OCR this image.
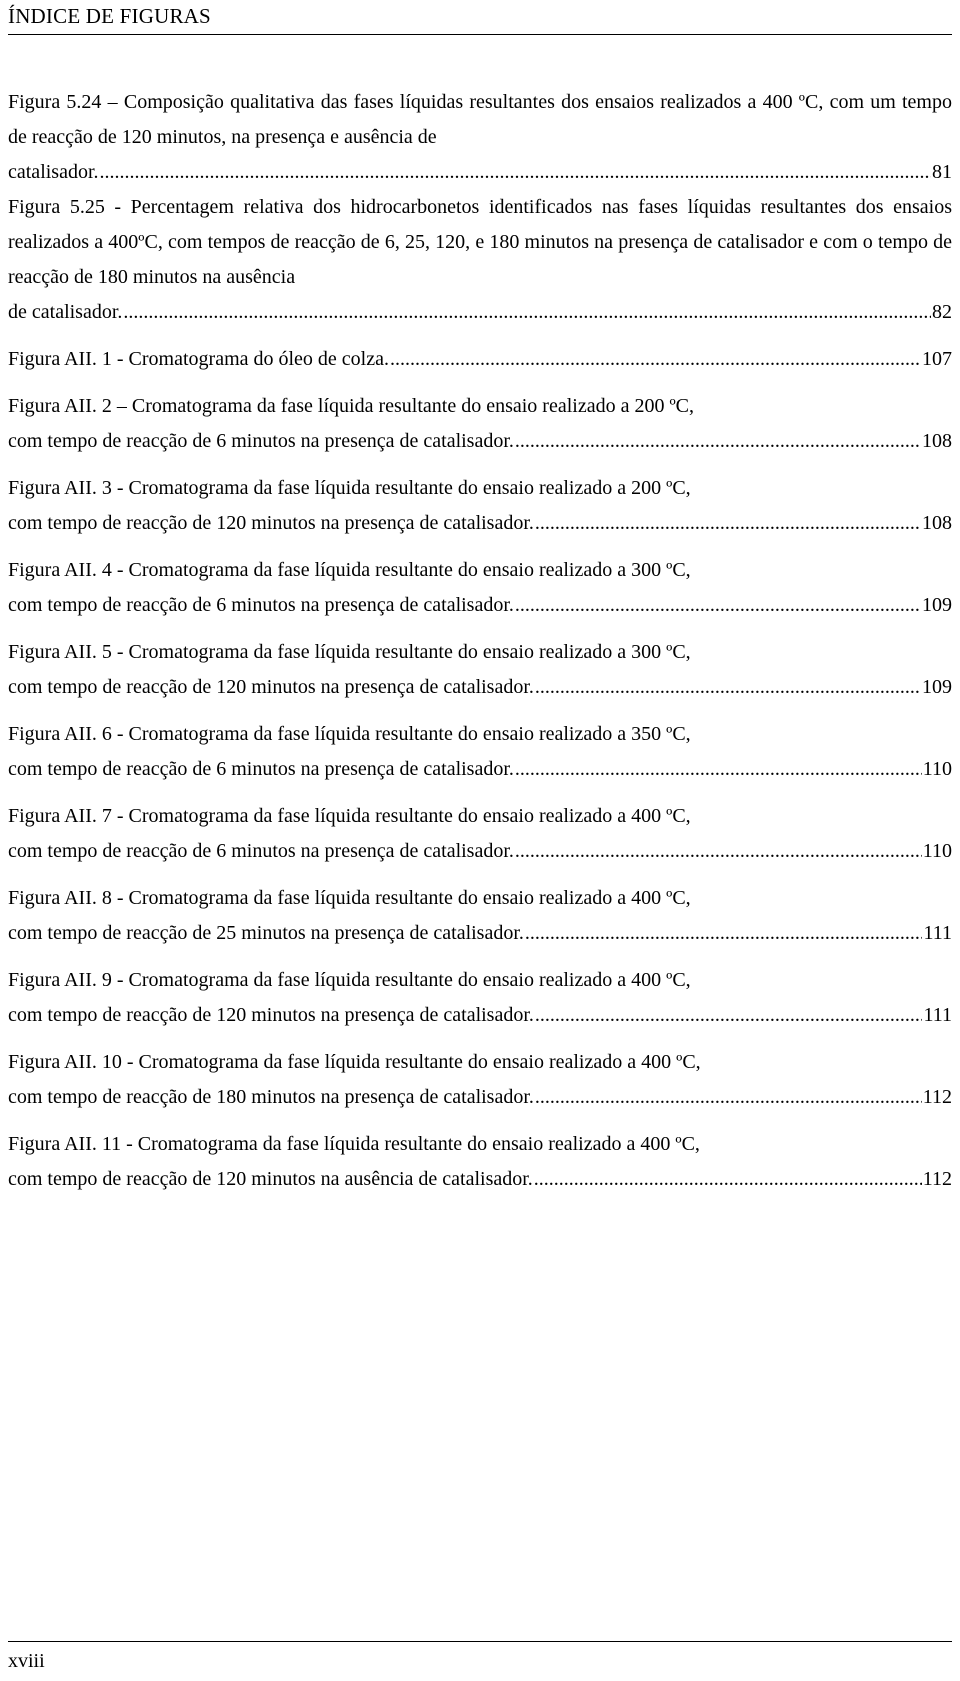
ÍNDICE DE FIGURAS
Figura 5.24 – Composição qualitativa das fases líquidas resultantes dos ensaios realizados a 400 ºC, com um tempo de reacção de 120 minutos, na presença e ausência de
catalisador. .....	81
Figura 5.25 - Percentagem relativa dos hidrocarbonetos identificados nas fases líquidas resultantes dos ensaios realizados a 400ºC, com tempos de reacção de 6, 25, 120, e 180 minutos na presença de catalisador e com o tempo de reacção de 180 minutos na ausência
de catalisador. .....	82
Figura AII. 1 - Cromatograma do óleo de colza. .....	107
Figura AII. 2 – Cromatograma da fase líquida resultante do ensaio realizado a 200 ºC,
com tempo de reacção de 6 minutos na presença de catalisador. .....	108
Figura AII. 3 - Cromatograma da fase líquida resultante do ensaio realizado a 200 ºC,
com tempo de reacção de 120 minutos na presença de catalisador. .....	108
Figura AII. 4 - Cromatograma da fase líquida resultante do ensaio realizado a 300 ºC,
com tempo de reacção de 6 minutos na presença de catalisador. .....	109
Figura AII. 5 - Cromatograma da fase líquida resultante do ensaio realizado a 300 ºC,
com tempo de reacção de 120 minutos na presença de catalisador. .....	109
Figura AII. 6 - Cromatograma da fase líquida resultante do ensaio realizado a 350 ºC,
com tempo de reacção de 6 minutos na presença de catalisador. .....	110
Figura AII. 7 - Cromatograma da fase líquida resultante do ensaio realizado a 400 ºC,
com tempo de reacção de 6 minutos na presença de catalisador. .....	110
Figura AII. 8 - Cromatograma da fase líquida resultante do ensaio realizado a 400 ºC,
com tempo de reacção de 25 minutos na presença de catalisador. .....	111
Figura AII. 9 - Cromatograma da fase líquida resultante do ensaio realizado a 400 ºC,
com tempo de reacção de 120 minutos na presença de catalisador. .....	111
Figura AII. 10 - Cromatograma da fase líquida resultante do ensaio realizado a 400 ºC,
com tempo de reacção de 180 minutos na presença de catalisador. .....	112
Figura AII. 11 - Cromatograma da fase líquida resultante do ensaio realizado a 400 ºC,
com tempo de reacção de 120 minutos na ausência de catalisador. .....	112
xviii
